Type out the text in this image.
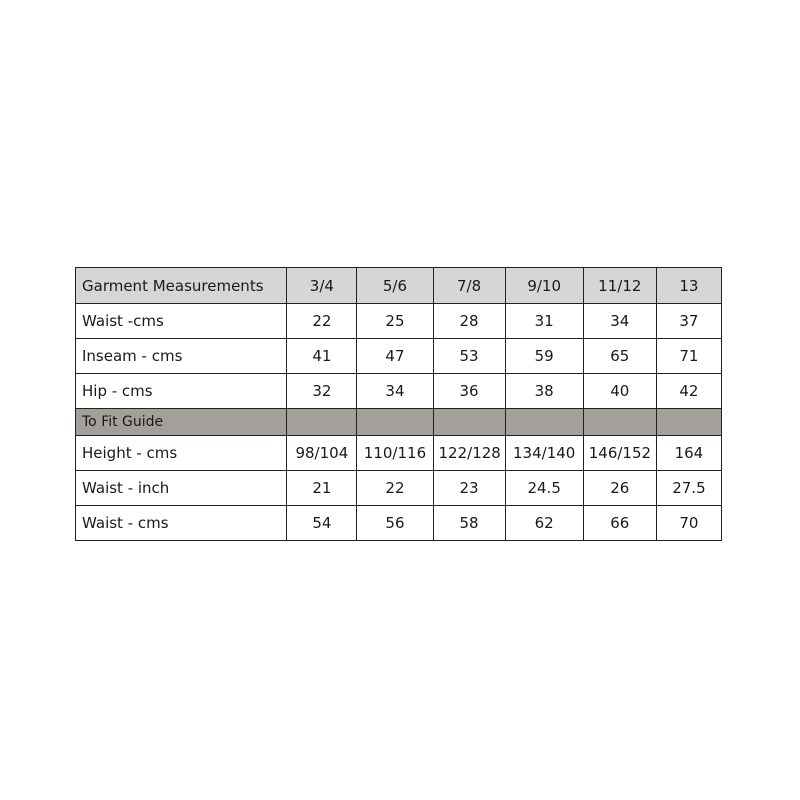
Garment Measurements	3/4	5/6	7/8	9/10	11/12	13
Waist -cms	22	25	28	31	34	37
Inseam - cms	41	47	53	59	65	71
Hip - cms	32	34	36	38	40	42
To Fit Guide						
Height - cms	98/104	110/116	122/128	134/140	146/152	164
Waist - inch	21	22	23	24.5	26	27.5
Waist - cms	54	56	58	62	66	70
